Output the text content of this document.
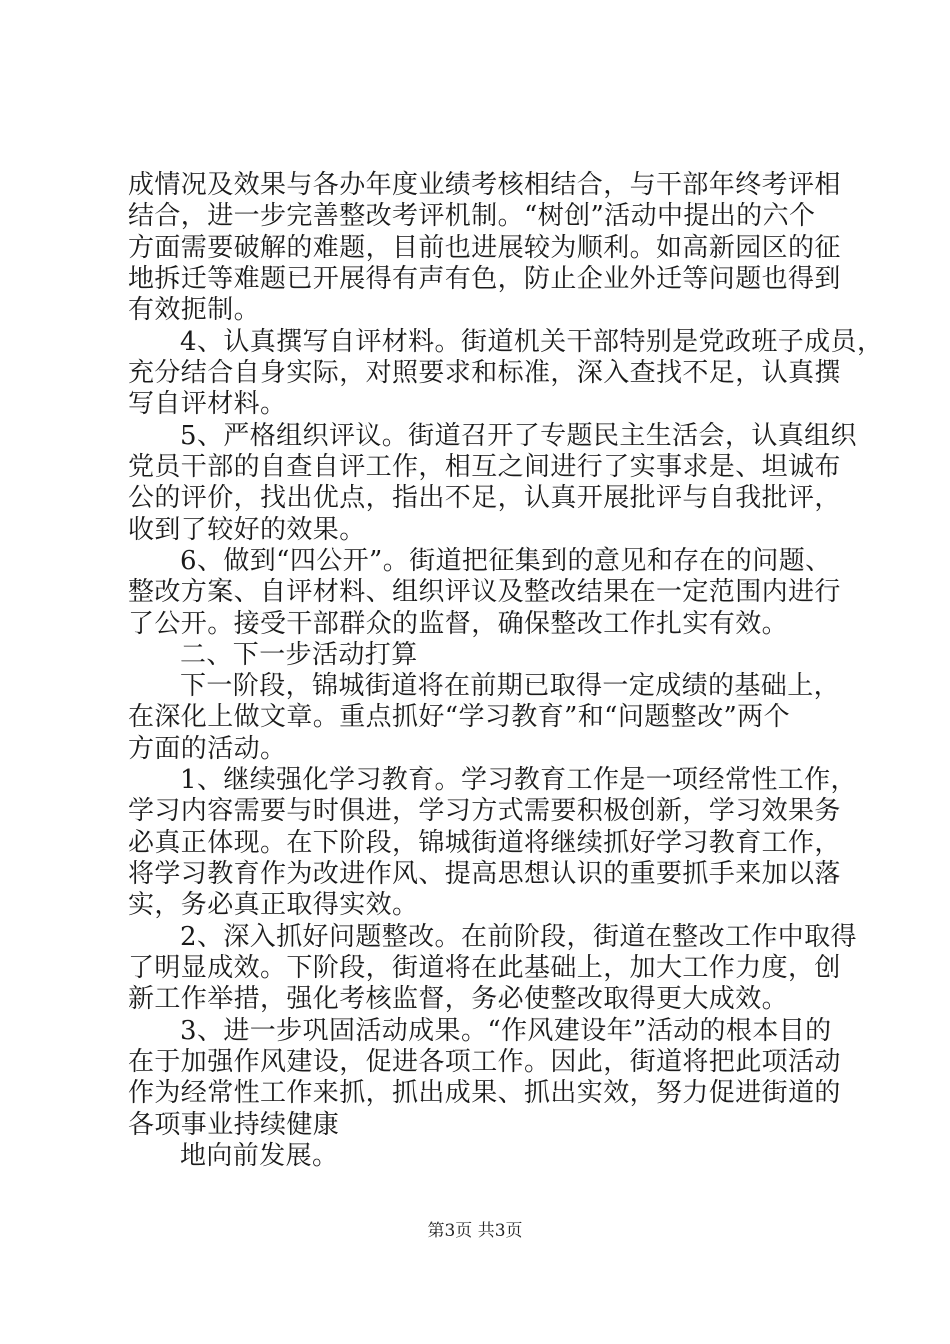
成情况及效果与各办年度业绩考核相结合，与干部年终考评相
结合，进一步完善整改考评机制。“树创”活动中提出的六个
方面需要破解的难题，目前也进展较为顺利。如高新园区的征
地拆迁等难题已开展得有声有色，防止企业外迁等问题也得到
有效扼制。
4、认真撰写自评材料。街道机关干部特别是党政班子成员，
充分结合自身实际，对照要求和标准，深入查找不足，认真撰
写自评材料。
5、严格组织评议。街道召开了专题民主生活会，认真组织
党员干部的自查自评工作，相互之间进行了实事求是、坦诚布
公的评价，找出优点，指出不足，认真开展批评与自我批评，
收到了较好的效果。
6、做到“四公开”。街道把征集到的意见和存在的问题、
整改方案、自评材料、组织评议及整改结果在一定范围内进行
了公开。接受干部群众的监督，确保整改工作扎实有效。
二、下一步活动打算
下一阶段，锦城街道将在前期已取得一定成绩的基础上，
在深化上做文章。重点抓好“学习教育”和“问题整改”两个
方面的活动。
1、继续强化学习教育。学习教育工作是一项经常性工作，
学习内容需要与时俱进，学习方式需要积极创新，学习效果务
必真正体现。在下阶段，锦城街道将继续抓好学习教育工作，
将学习教育作为改进作风、提高思想认识的重要抓手来加以落
实，务必真正取得实效。
2、深入抓好问题整改。在前阶段，街道在整改工作中取得
了明显成效。下阶段，街道将在此基础上，加大工作力度，创
新工作举措，强化考核监督，务必使整改取得更大成效。
3、进一步巩固活动成果。“作风建设年”活动的根本目的
在于加强作风建设，促进各项工作。因此，街道将把此项活动
作为经常性工作来抓，抓出成果、抓出实效，努力促进街道的
各项事业持续健康
地向前发展。
第3页 共3页
